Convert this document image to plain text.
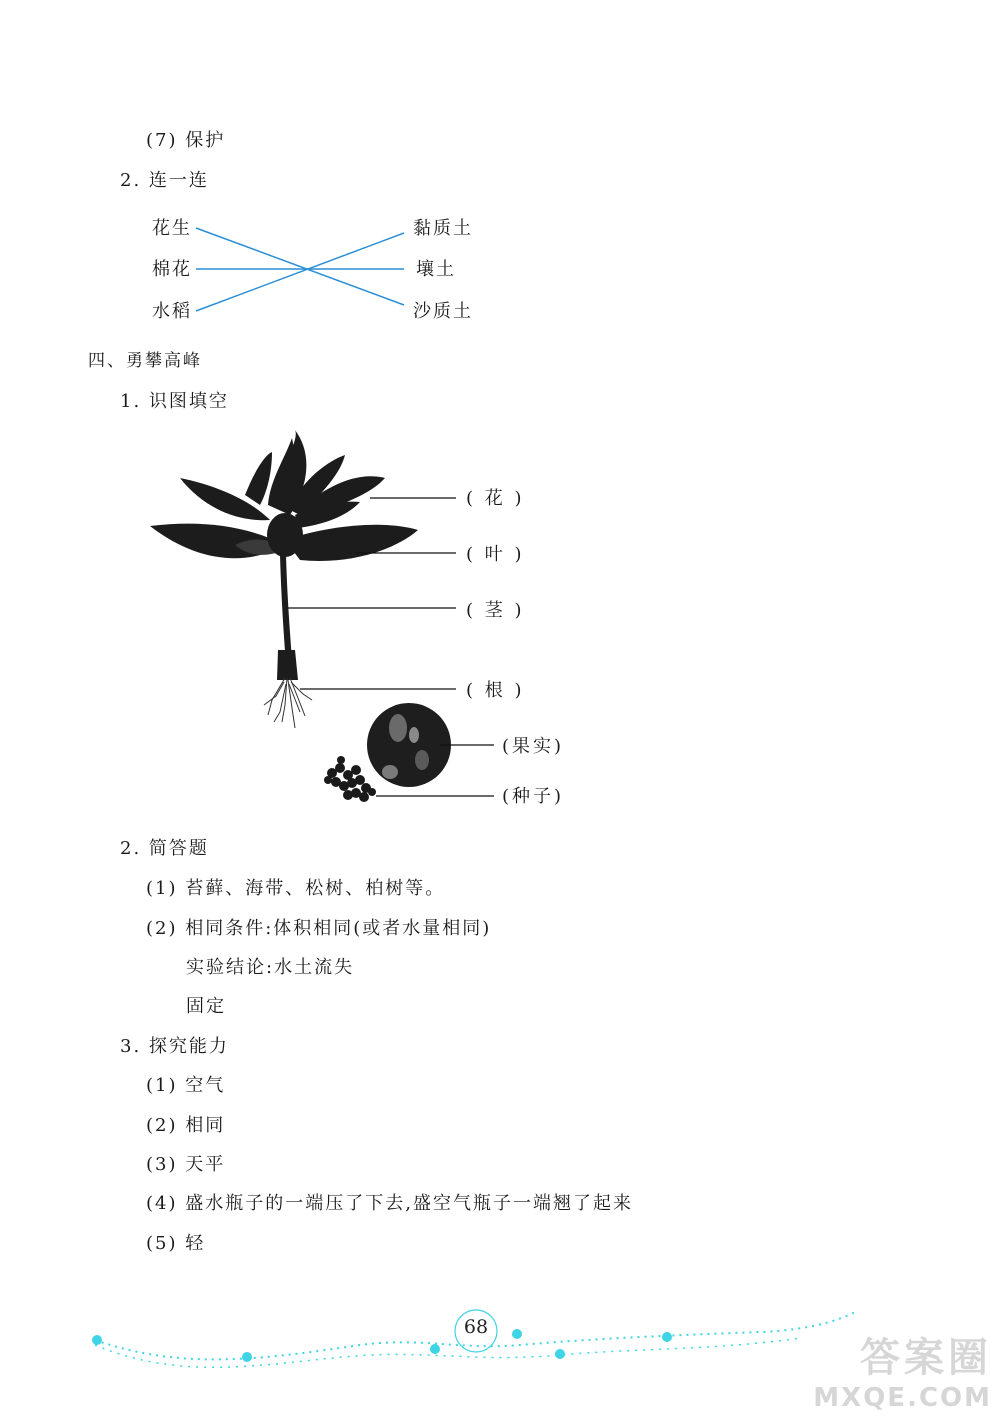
(7) 保护
2. 连一连
花生
棉花
水稻
黏质土
壤土
沙质土
四、勇攀高峰
1. 识图填空
( 花 )
( 叶 )
( 茎 )
( 根 )
(果实)
(种子)
2. 简答题
(1) 苔藓、海带、松树、柏树等。
(2) 相同条件:体积相同(或者水量相同)
实验结论:水土流失
固定
3. 探究能力
(1) 空气
(2) 相同
(3) 天平
(4) 盛水瓶子的一端压了下去,盛空气瓶子一端翘了起来
(5) 轻
68
答案圈
MXQE.COM
